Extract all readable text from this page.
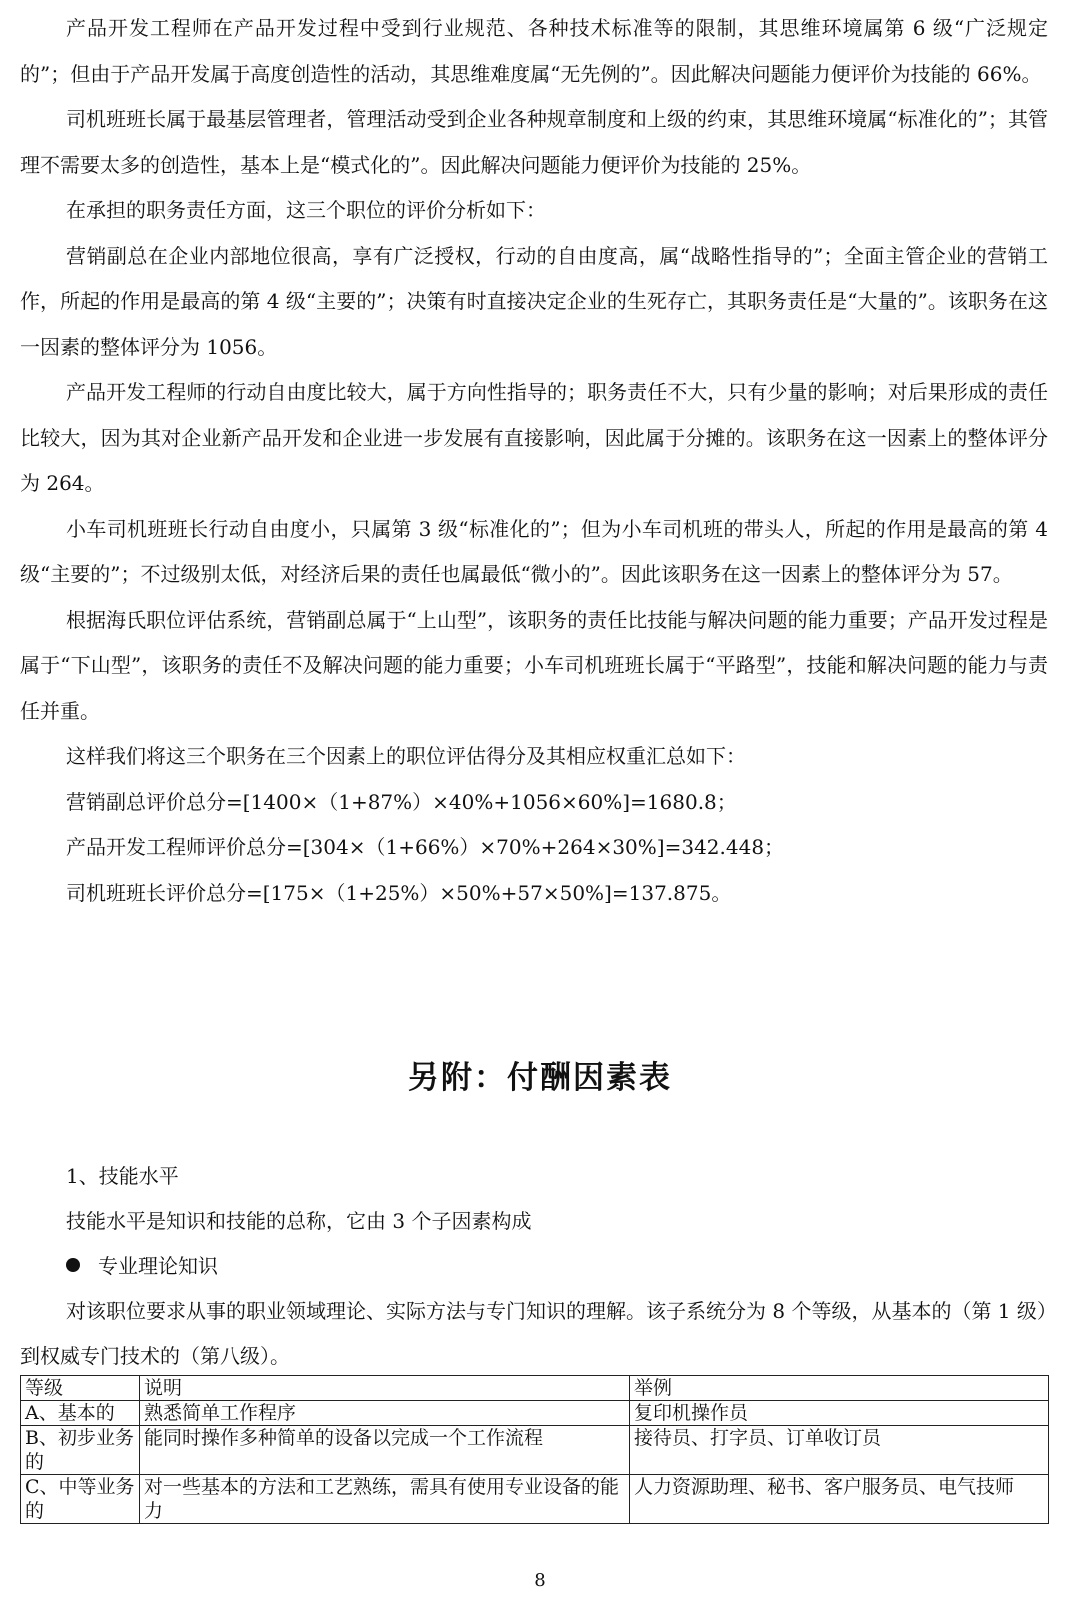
产品开发工程师在产品开发过程中受到行业规范、各种技术标准等的限制，其思维环境属第 6 级“广泛规定的”；但由于产品开发属于高度创造性的活动，其思维难度属“无先例的”。因此解决问题能力便评价为技能的 66%。

司机班班长属于最基层管理者，管理活动受到企业各种规章制度和上级的约束，其思维环境属“标准化的”；其管理不需要太多的创造性，基本上是“模式化的”。因此解决问题能力便评价为技能的 25%。

在承担的职务责任方面，这三个职位的评价分析如下：

营销副总在企业内部地位很高，享有广泛授权，行动的自由度高，属“战略性指导的”；全面主管企业的营销工作，所起的作用是最高的第 4 级“主要的”；决策有时直接决定企业的生死存亡，其职务责任是“大量的”。该职务在这一因素的整体评分为 1056。

产品开发工程师的行动自由度比较大，属于方向性指导的；职务责任不大，只有少量的影响；对后果形成的责任比较大，因为其对企业新产品开发和企业进一步发展有直接影响，因此属于分摊的。该职务在这一因素上的整体评分为 264。

小车司机班班长行动自由度小，只属第 3 级“标准化的”；但为小车司机班的带头人，所起的作用是最高的第 4 级“主要的”；不过级别太低，对经济后果的责任也属最低“微小的”。因此该职务在这一因素上的整体评分为 57。

根据海氏职位评估系统，营销副总属于“上山型”，该职务的责任比技能与解决问题的能力重要；产品开发过程是属于“下山型”，该职务的责任不及解决问题的能力重要；小车司机班班长属于“平路型”，技能和解决问题的能力与责任并重。

这样我们将这三个职务在三个因素上的职位评估得分及其相应权重汇总如下：

营销副总评价总分=[1400×（1+87%）×40%+1056×60%]=1680.8；

产品开发工程师评价总分=[304×（1+66%）×70%+264×30%]=342.448；

司机班班长评价总分=[175×（1+25%）×50%+57×50%]=137.875。

另附：付酬因素表

1、技能水平

技能水平是知识和技能的总称，它由 3 个子因素构成

专业理论知识

对该职位要求从事的职业领域理论、实际方法与专门知识的理解。该子系统分为 8 个等级，从基本的（第 1 级）到权威专门技术的（第八级）。

等级	说明	举例
A、基本的	熟悉简单工作程序	复印机操作员
B、初步业务的	能同时操作多种简单的设备以完成一个工作流程	接待员、打字员、订单收订员
C、中等业务的	对一些基本的方法和工艺熟练，需具有使用专业设备的能力	人力资源助理、秘书、客户服务员、电气技师
8
